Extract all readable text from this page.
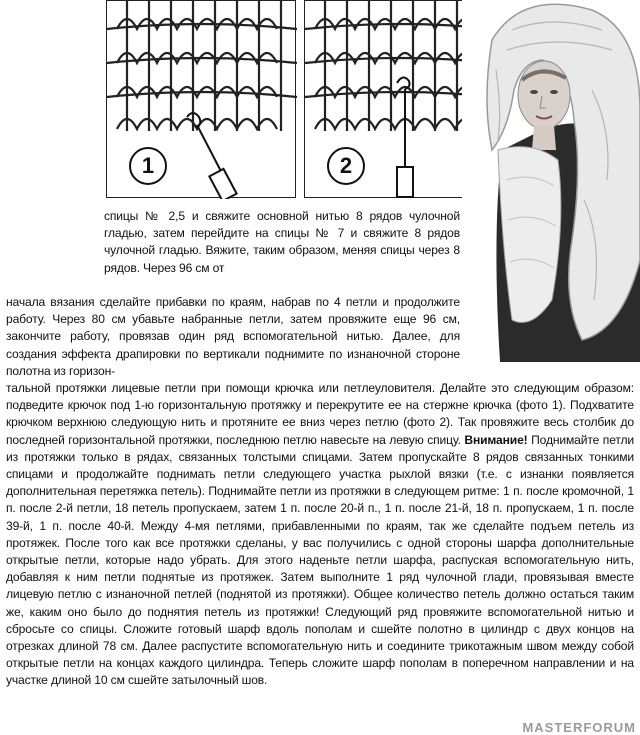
1	2

спицы № 2,5 и свяжите основной нитью 8 рядов чулочной гладью, затем перейдите на спицы № 7 и свяжите 8 рядов чулочной гладью. Вяжите, таким образом, меняя спицы через 8 рядов. Через 96 см от

начала вязания сделайте прибавки по краям, набрав по 4 петли и продолжите работу. Через 80 см убавьте набранные петли, затем провяжите еще 96 см, закончите работу, провязав один ряд вспомогательной нитью. Далее, для создания эффекта драпировки по вертикали поднимите по изнаночной стороне полотна из горизон-

тальной протяжки лицевые петли при помощи крючка или петлеуловителя. Делайте это следующим образом: подведите крючок под 1-ю горизонтальную протяжку и перекрутите ее на стержне крючка (фото 1). Подхватите крючком верхнюю следующую нить и протяните ее вниз через петлю (фото 2). Так провяжите весь столбик до последней горизонтальной протяжки, последнюю петлю навесьте на левую спицу. Внимание! Поднимайте петли из протяжки только в рядах, связанных толстыми спицами. Затем пропускайте 8 рядов связанных тонкими спицами и продолжайте поднимать петли следующего участка рыхлой вязки (т.е. с изнанки появляется дополнительная перетяжка петель). Поднимайте петли из протяжки в следующем ритме: 1 п. после кромочной, 1 п. после 2-й петли, 18 петель пропускаем, затем 1 п. после 20-й п., 1 п. после 21-й, 18 п. пропускаем, 1 п. после 39-й, 1 п. после 40-й. Между 4-мя петлями, прибавленными по краям, так же сделайте подъем петель из протяжек. После того как все протяжки сделаны, у вас получились с одной стороны шарфа дополнительные открытые петли, которые надо убрать. Для этого наденьте петли шарфа, распуская вспомогательную нить, добавляя к ним петли поднятые из протяжек. Затем выполните 1 ряд чулочной глади, провязывая вместе лицевую петлю с изнаночной петлей (поднятой из протяжки). Общее количество петель должно остаться таким же, каким оно было до поднятия петель из протяжки! Следующий ряд провяжите вспомогательной нитью и сбросьте со спицы. Сложите готовый шарф вдоль пополам и сшейте полотно в цилиндр с двух концов на отрезках длиной 78 см. Далее распустите вспомогательную нить и соедините трикотажным швом между собой открытые петли на концах каждого цилиндра. Теперь сложите шарф пополам в поперечном направлении и на участке длиной 10 см сшейте затылочный шов.
MASTERFORUM
